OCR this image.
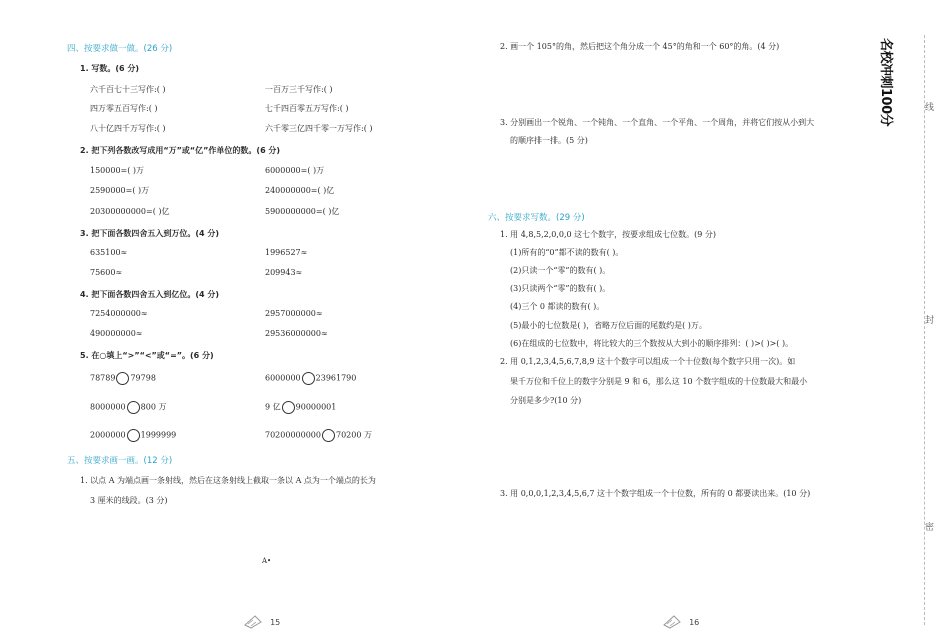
四、按要求做一做。(26 分)
1. 写数。(6 分)
六千百七十三写作:( )	一百万三千写作:( )
四万零五百写作:( )	七千四百零五万写作:( )
八十亿四千万写作:( )	六千零三亿四千零一万写作:( )
2. 把下列各数改写成用“万”或“亿”作单位的数。(6 分)
150000=( )万	6000000=( )万
2590000=( )万	240000000=( )亿
20300000000=( )亿	5900000000=( )亿
3. 把下面各数四舍五入到万位。(4 分)
635100≈	1996527≈
75600≈	209943≈
4. 把下面各数四舍五入到亿位。(4 分)
7254000000≈	2957000000≈
490000000≈	29536000000≈
5. 在○填上“>”“<”或“=”。(6 分)
78789 79798	6000000 23961790
8000000 800 万	9 亿 90000001
2000000 1999999	70200000000 70200 万
五、按要求画一画。(12 分)
1. 以点 A 为端点画一条射线，然后在这条射线上截取一条以 A 点为一个端点的长为
3 厘米的线段。(3 分)
A•
$^{15}$
2. 画一个 105°的角，然后把这个角分成一个 45°的角和一个 60°的角。(4 分)
3. 分别画出一个锐角、一个钝角、一个直角、一个平角、一个周角，并将它们按从小到大
的顺序排一排。(5 分)
六、按要求写数。(29 分)
1. 用 4,8,5,2,0,0,0 这七个数字，按要求组成七位数。(9 分)
(1)所有的“0”都不读的数有( )。
(2)只读一个“零”的数有( )。
(3)只读两个“零”的数有( )。
(4)三个 0 都读的数有( )。
(5)最小的七位数是( )，省略万位后面的尾数约是( )万。
(6)在组成的七位数中，将比较大的三个数按从大到小的顺序排列：( )>( )>( )。
2. 用 0,1,2,3,4,5,6,7,8,9 这十个数字可以组成一个十位数(每个数字只用一次)。如
果千万位和千位上的数字分别是 9 和 6，那么这 10 个数字组成的十位数最大和最小
分别是多少?(10 分)
3. 用 0,0,0,1,2,3,4,5,6,7 这十个数字组成一个十位数，所有的 0 都要读出来。(10 分)
$^{16}$
名校冲刺100分	线
封
密
